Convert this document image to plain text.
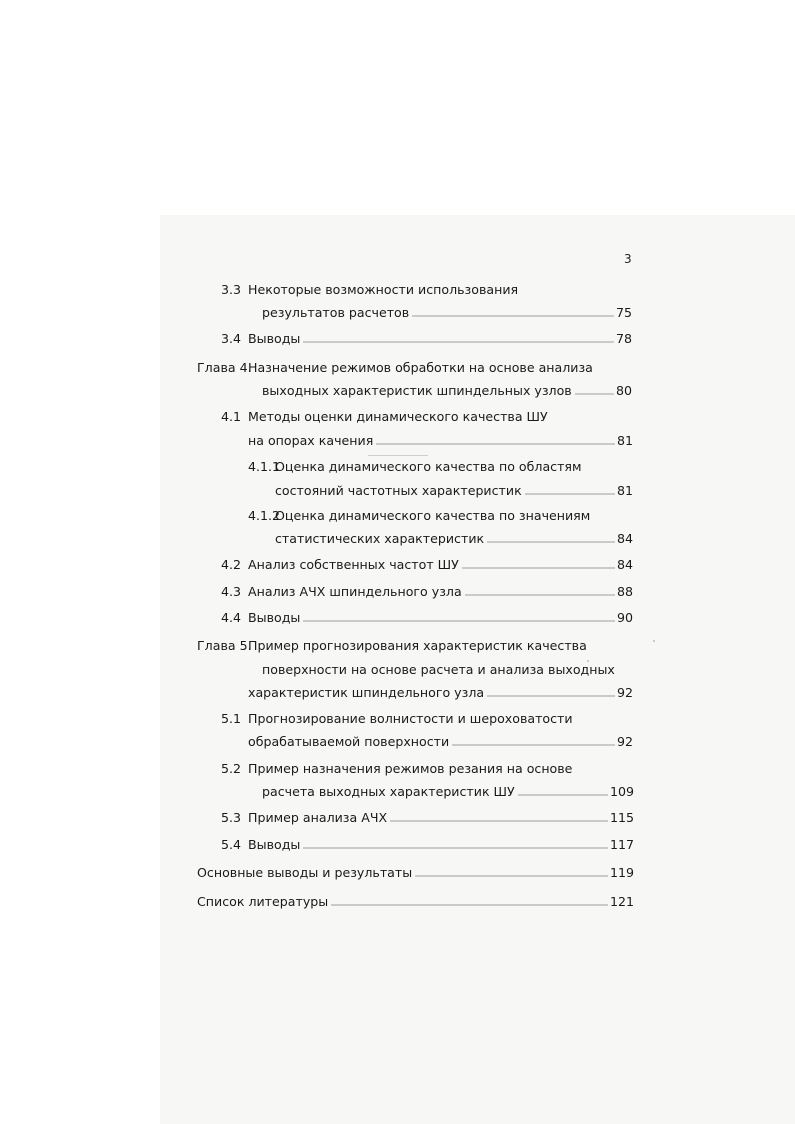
3
3.3 Некоторые возможности использования
результатов расчетов	75
3.4 Выводы	78
Глава 4.
Назначение режимов обработки на основе анализа
выходных характеристик шпиндельных узлов	80
4.1 Методы оценки динамического качества ШУ
на опорах качения	81
4.1.1
Оценка динамического качества по областям
состояний частотных характеристик	81
4.1.2
Оценка динамического качества по значениям
статистических характеристик	84
4.2 Анализ собственных частот ШУ	84
4.3 Анализ АЧХ шпиндельного узла	88
4.4 Выводы	90
Глава 5.
Пример прогнозирования характеристик качества
поверхности на основе расчета и анализа выходных
характеристик шпиндельного узла	92
5.1 Прогнозирование волнистости и шероховатости
обрабатываемой поверхности	92
5.2 Пример назначения режимов резания на основе
расчета выходных характеристик ШУ	109
5.3 Пример анализа АЧХ	115
5.4 Выводы	117
Основные выводы и результаты	119
Список литературы	121
